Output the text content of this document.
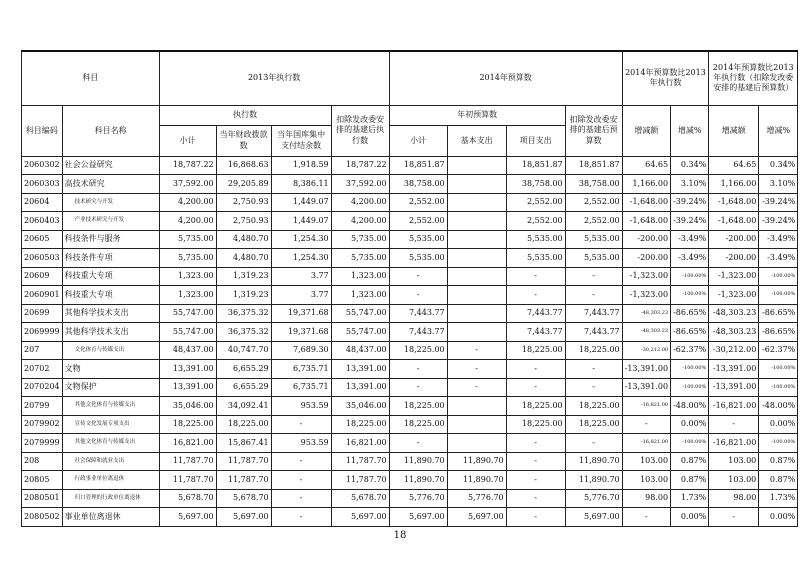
科目		2013年执行数				2014年预算数				2014年预算数比2013年执行数		2014年预算数比2013年执行数（扣除发改委安排的基建后预算数）	
科目编码	科目名称	执行数			扣除发改委安排的基建后执行数	年初预算数			扣除发改委安排的基建后预算数	增减额	增减%	增减额	增减%
		小计	当年财政拨款数	当年国库集中支付结余数		小计	基本支出	项目支出					
2060302	社会公益研究	18,787.22	16,868.63	1,918.59	18,787.22	18,851.87		18,851.87	18,851.87	64.65	0.34%	64.65	0.34%
2060303	高技术研究	37,592.00	29,205.89	8,386.11	37,592.00	38,758.00		38,758.00	38,758.00	1,166.00	3.10%	1,166.00	3.10%
20604	技术研究与开发	4,200.00	2,750.93	1,449.07	4,200.00	2,552.00		2,552.00	2,552.00	-1,648.00	-39.24%	-1,648.00	-39.24%
2060403	产业技术研究与开发	4,200.00	2,750.93	1,449.07	4,200.00	2,552.00		2,552.00	2,552.00	-1,648.00	-39.24%	-1,648.00	-39.24%
20605	科技条件与服务	5,735.00	4,480.70	1,254.30	5,735.00	5,535.00		5,535.00	5,535.00	-200.00	-3.49%	-200.00	-3.49%
2060503	科技条件专项	5,735.00	4,480.70	1,254.30	5,735.00	5,535.00		5,535.00	5,535.00	-200.00	-3.49%	-200.00	-3.49%
20609	科技重大专项	1,323.00	1,319.23	3.77	1,323.00	-		-	-	-1,323.00	-100.00%	-1,323.00	-100.00%
2060901	科技重大专项	1,323.00	1,319.23	3.77	1,323.00	-		-	-	-1,323.00	-100.00%	-1,323.00	-100.00%
20699	其他科学技术支出	55,747.00	36,375.32	19,371.68	55,747.00	7,443.77		7,443.77	7,443.77	-48,303.23	-86.65%	-48,303.23	-86.65%
2069999	其他科学技术支出	55,747.00	36,375.32	19,371.68	55,747.00	7,443.77		7,443.77	7,443.77	-48,303.23	-86.65%	-48,303.23	-86.65%
207	文化体育与传媒支出	48,437.00	40,747.70	7,689.30	48,437.00	18,225.00	-	18,225.00	18,225.00	-30,212.00	-62.37%	-30,212.00	-62.37%
20702	文物	13,391.00	6,655.29	6,735.71	13,391.00	-	-	-	-	-13,391.00	-100.00%	-13,391.00	-100.00%
2070204	文物保护	13,391.00	6,655.29	6,735.71	13,391.00	-	-	-	-	-13,391.00	-100.00%	-13,391.00	-100.00%
20799	其他文化体育与传媒支出	35,046.00	34,092.41	953.59	35,046.00	18,225.00		18,225.00	18,225.00	-16,821.00	-48.00%	-16,821.00	-48.00%
2079902	宣传文化发展专项支出	18,225.00	18,225.00	-	18,225.00	18,225.00		18,225.00	18,225.00	-	0.00%	-	0.00%
2079999	其他文化体育与传媒支出	16,821.00	15,867.41	953.59	16,821.00	-		-	-	-16,821.00	-100.00%	-16,821.00	-100.00%
208	社会保障和就业支出	11,787.70	11,787.70	-	11,787.70	11,890.70	11,890.70	-	11,890.70	103.00	0.87%	103.00	0.87%
20805	行政事业单位离退休	11,787.70	11,787.70	-	11,787.70	11,890.70	11,890.70	-	11,890.70	103.00	0.87%	103.00	0.87%
2080501	归口管理的行政单位离退休	5,678.70	5,678.70	-	5,678.70	5,776.70	5,776.70	-	5,776.70	98.00	1.73%	98.00	1.73%
2080502	事业单位离退休	5,697.00	5,697.00	-	5,697.00	5,697.00	5,697.00	-	5,697.00	-	0.00%	-	0.00%
18
